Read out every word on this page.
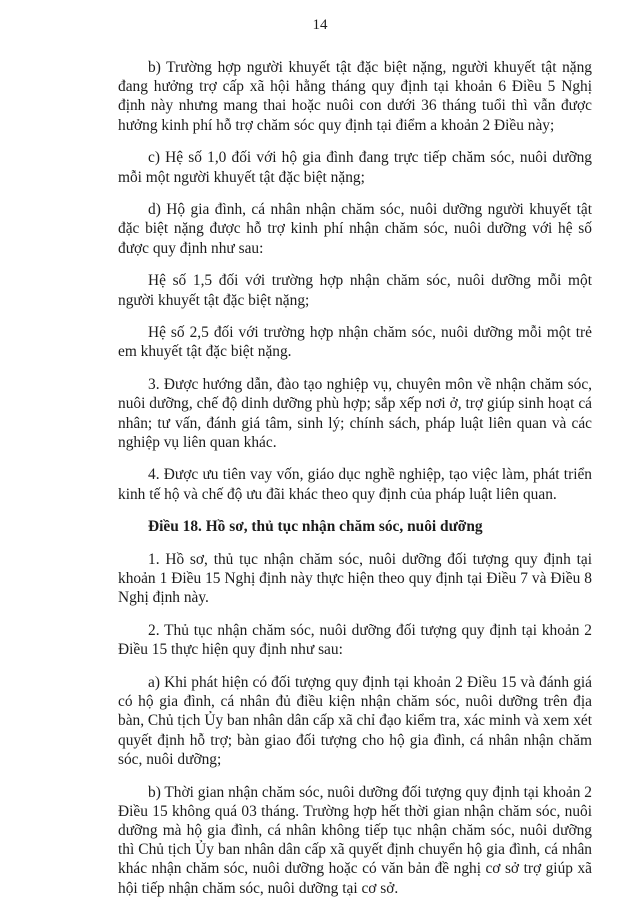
14

b) Trường hợp người khuyết tật đặc biệt nặng, người khuyết tật nặng đang hưởng trợ cấp xã hội hằng tháng quy định tại khoản 6 Điều 5 Nghị định này nhưng mang thai hoặc nuôi con dưới 36 tháng tuổi thì vẫn được hưởng kinh phí hỗ trợ chăm sóc quy định tại điểm a khoản 2 Điều này;

c) Hệ số 1,0 đối với hộ gia đình đang trực tiếp chăm sóc, nuôi dưỡng mỗi một người khuyết tật đặc biệt nặng;

d) Hộ gia đình, cá nhân nhận chăm sóc, nuôi dưỡng người khuyết tật đặc biệt nặng được hỗ trợ kinh phí nhận chăm sóc, nuôi dưỡng với hệ số được quy định như sau:

Hệ số 1,5 đối với trường hợp nhận chăm sóc, nuôi dưỡng mỗi một người khuyết tật đặc biệt nặng;

Hệ số 2,5 đối với trường hợp nhận chăm sóc, nuôi dưỡng mỗi một trẻ em khuyết tật đặc biệt nặng.

3. Được hướng dẫn, đào tạo nghiệp vụ, chuyên môn về nhận chăm sóc, nuôi dưỡng, chế độ dinh dưỡng phù hợp; sắp xếp nơi ở, trợ giúp sinh hoạt cá nhân; tư vấn, đánh giá tâm, sinh lý; chính sách, pháp luật liên quan và các nghiệp vụ liên quan khác.

4. Được ưu tiên vay vốn, giáo dục nghề nghiệp, tạo việc làm, phát triển kinh tế hộ và chế độ ưu đãi khác theo quy định của pháp luật liên quan.

Điều 18. Hồ sơ, thủ tục nhận chăm sóc, nuôi dưỡng

1. Hồ sơ, thủ tục nhận chăm sóc, nuôi dưỡng đối tượng quy định tại khoản 1 Điều 15 Nghị định này thực hiện theo quy định tại Điều 7 và Điều 8 Nghị định này.

2. Thủ tục nhận chăm sóc, nuôi dưỡng đối tượng quy định tại khoản 2 Điều 15 thực hiện quy định như sau:

a) Khi phát hiện có đối tượng quy định tại khoản 2 Điều 15 và đánh giá có hộ gia đình, cá nhân đủ điều kiện nhận chăm sóc, nuôi dưỡng trên địa bàn, Chủ tịch Ủy ban nhân dân cấp xã chỉ đạo kiểm tra, xác minh và xem xét quyết định hỗ trợ; bàn giao đối tượng cho hộ gia đình, cá nhân nhận chăm sóc, nuôi dưỡng;

b) Thời gian nhận chăm sóc, nuôi dưỡng đối tượng quy định tại khoản 2 Điều 15 không quá 03 tháng. Trường hợp hết thời gian nhận chăm sóc, nuôi dưỡng mà hộ gia đình, cá nhân không tiếp tục nhận chăm sóc, nuôi dưỡng thì Chủ tịch Ủy ban nhân dân cấp xã quyết định chuyển hộ gia đình, cá nhân khác nhận chăm sóc, nuôi dưỡng hoặc có văn bản đề nghị cơ sở trợ giúp xã hội tiếp nhận chăm sóc, nuôi dưỡng tại cơ sở.
